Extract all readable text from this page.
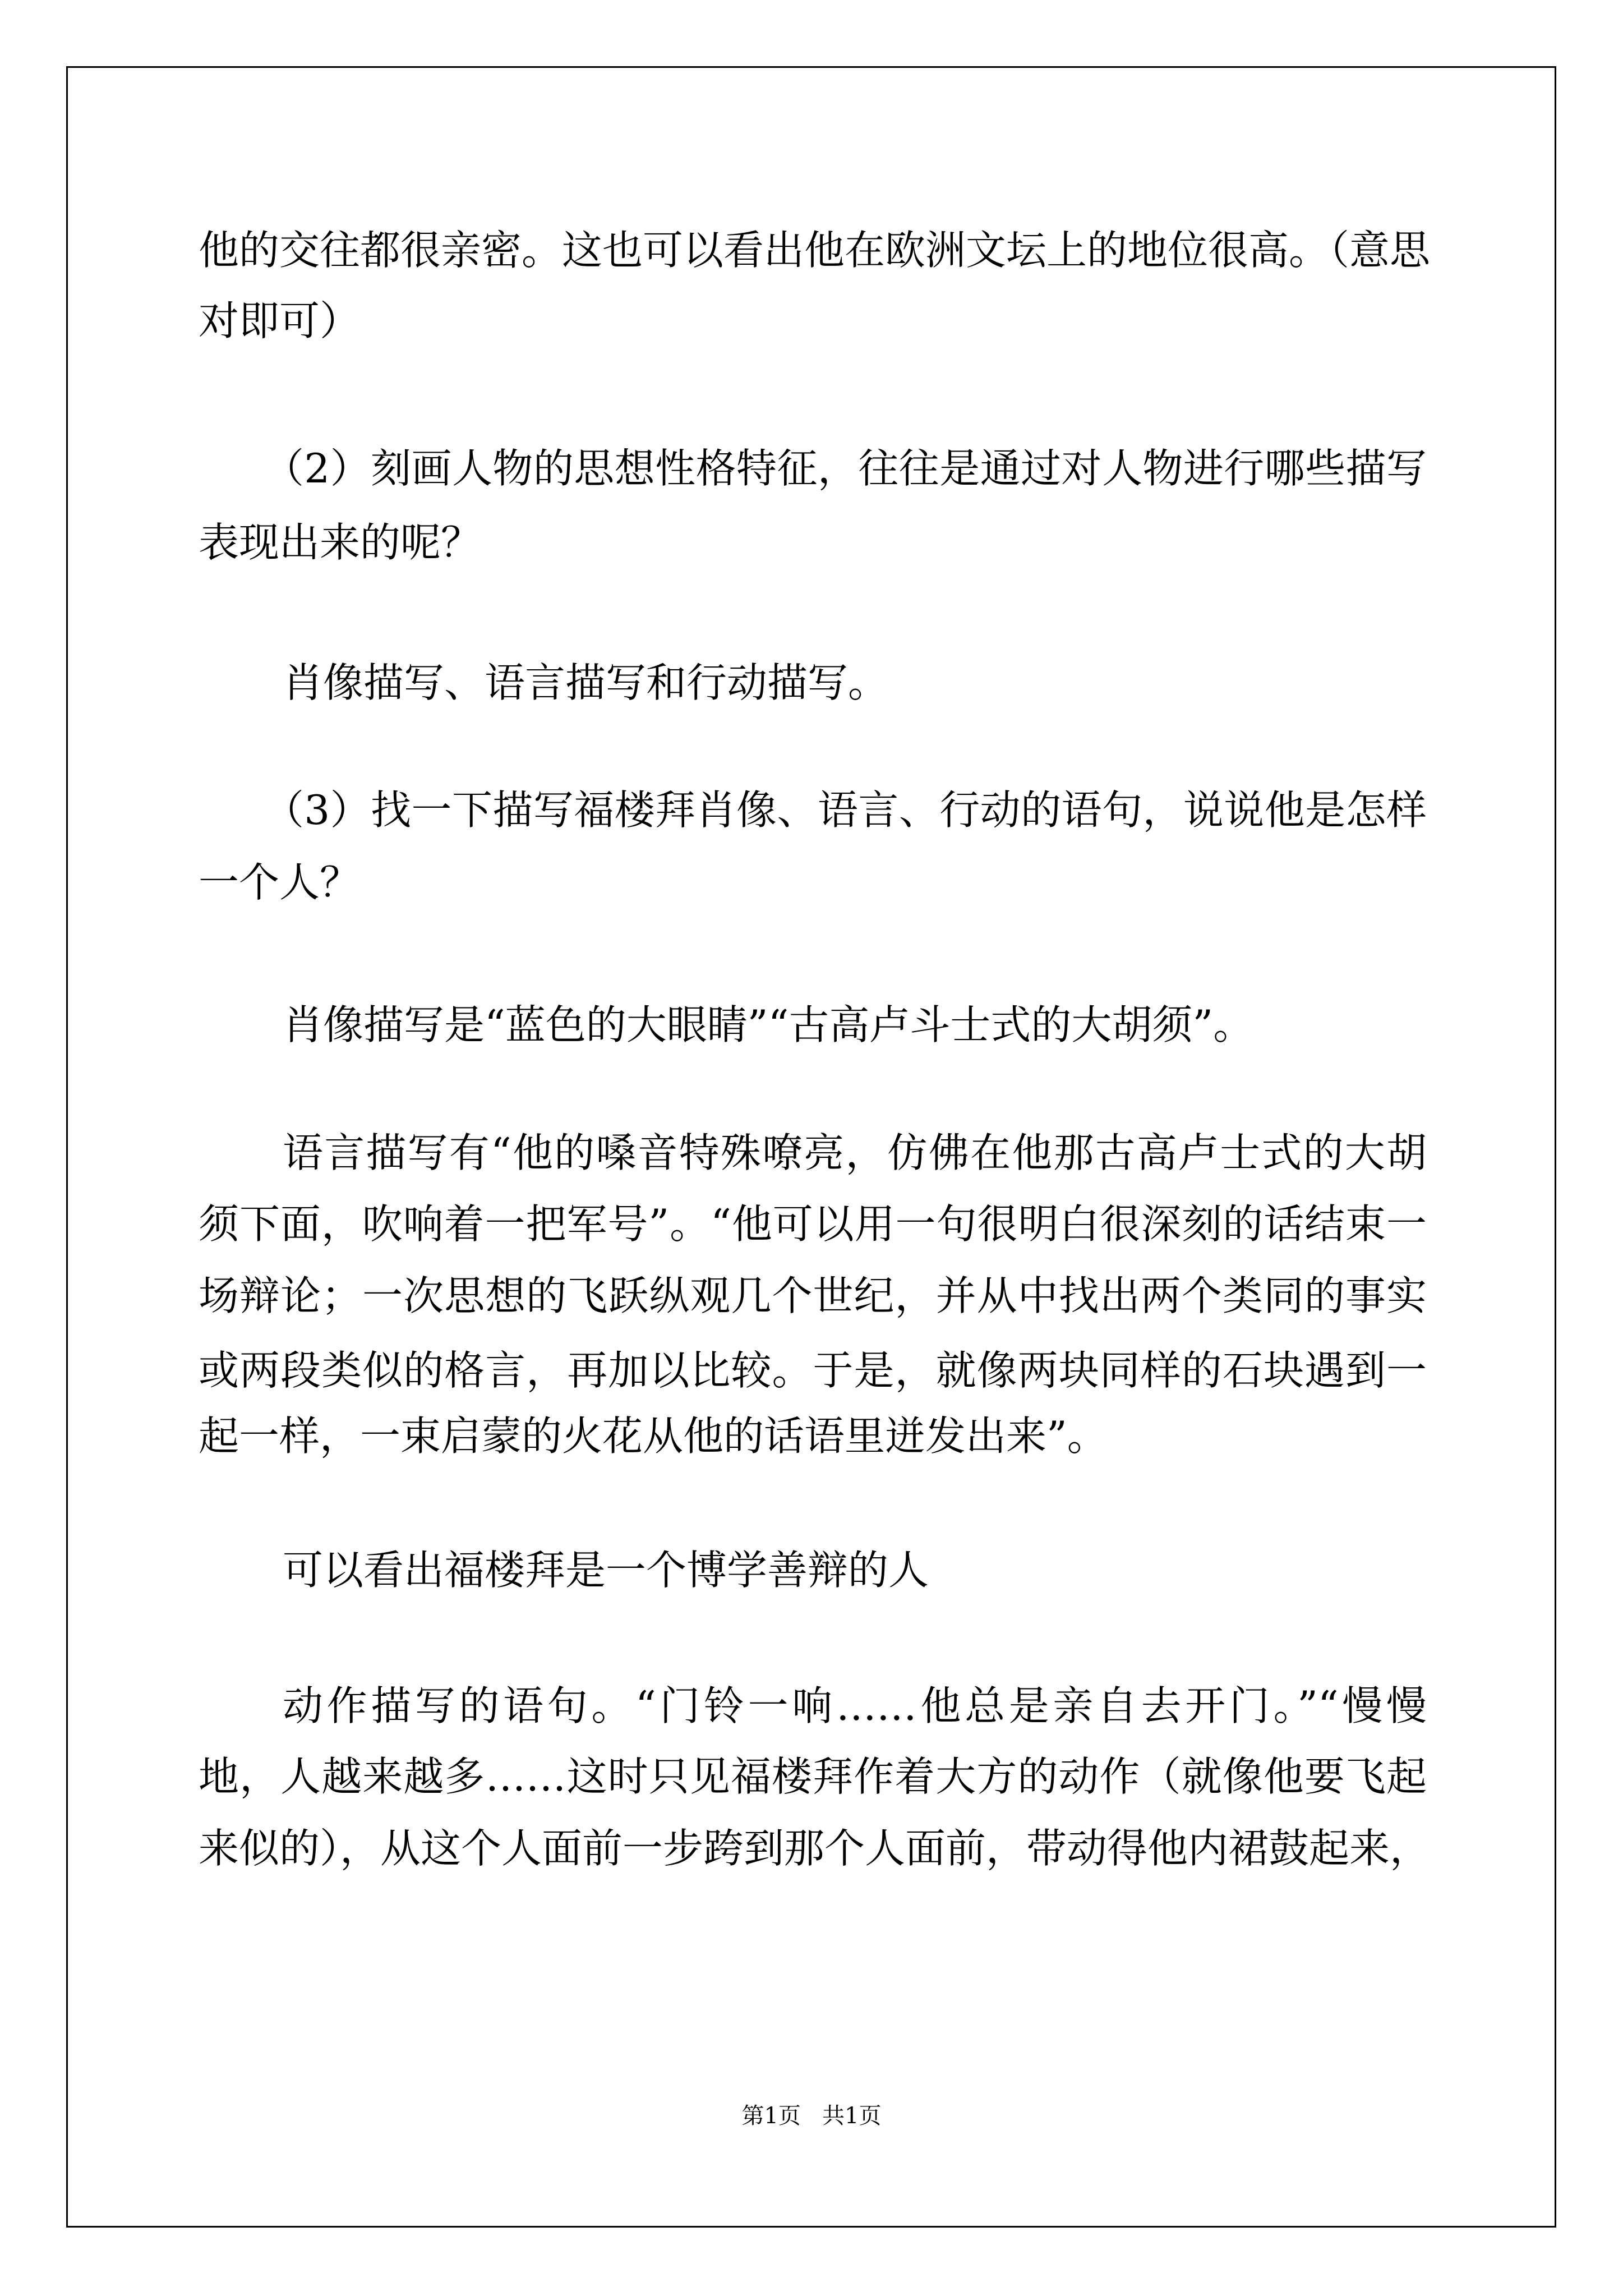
他的交往都很亲密。这也可以看出他在欧洲文坛上的地位很高。（意思
对即可）
（2）刻画人物的思想性格特征，往往是通过对人物进行哪些描写
表现出来的呢？
肖像描写、语言描写和行动描写。
（3）找一下描写福楼拜肖像、语言、行动的语句，说说他是怎样
一个人？
肖像描写是“蓝色的大眼睛”“古高卢斗士式的大胡须”。
语言描写有“他的嗓音特殊嘹亮，仿佛在他那古高卢士式的大胡
须下面，吹响着一把军号”。“他可以用一句很明白很深刻的话结束一
场辩论；一次思想的飞跃纵观几个世纪，并从中找出两个类同的事实
或两段类似的格言，再加以比较。于是，就像两块同样的石块遇到一
起一样，一束启蒙的火花从他的话语里迸发出来”。
可以看出福楼拜是一个博学善辩的人
动作描写的语句。“门铃一响……他总是亲自去开门。”“慢慢
地，人越来越多……这时只见福楼拜作着大方的动作（就像他要飞起
来似的），从这个人面前一步跨到那个人面前，带动得他内裙鼓起来，
第1页   共1页
